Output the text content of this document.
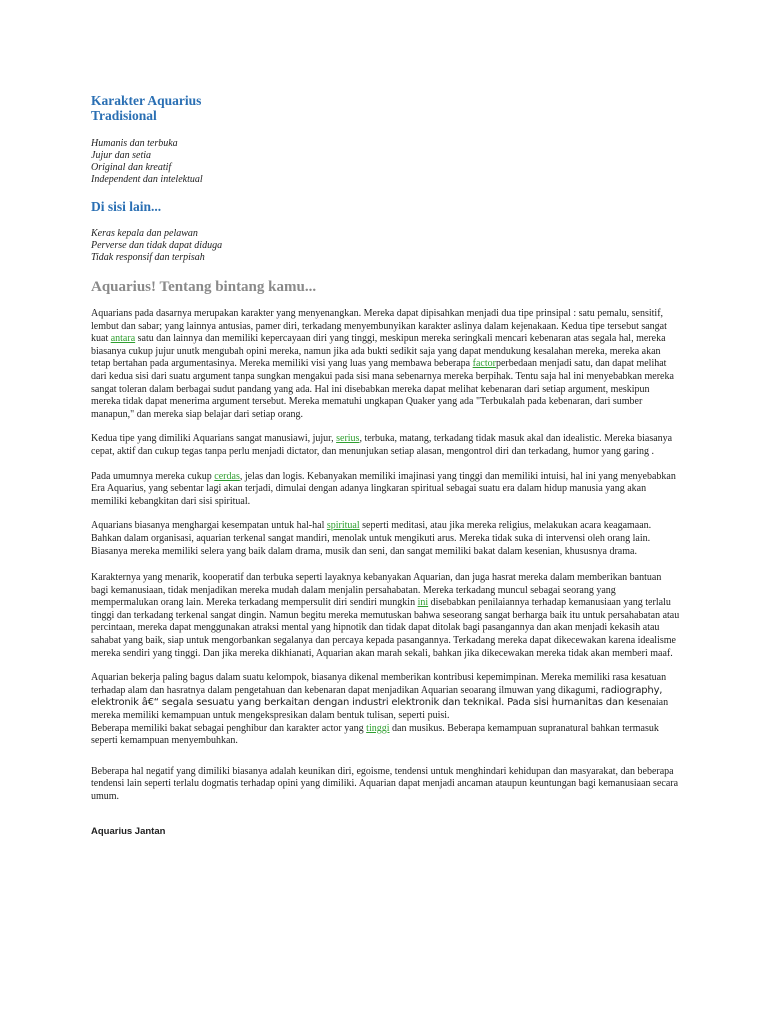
Karakter Aquarius
Tradisional
Humanis dan terbuka
Jujur dan setia
Original dan kreatif
Independent dan intelektual
Di sisi lain...
Keras kepala dan pelawan
Perverse dan tidak dapat diduga
Tidak responsif dan terpisah
Aquarius! Tentang bintang kamu...

Aquarians pada dasarnya merupakan karakter yang menyenangkan. Mereka dapat dipisahkan menjadi dua tipe prinsipal : satu pemalu, sensitif, lembut dan sabar; yang lainnya antusias, pamer diri, terkadang menyembunyikan karakter aslinya dalam kejenakaan. Kedua tipe tersebut sangat kuat antara satu dan lainnya dan memiliki kepercayaan diri yang tinggi, meskipun mereka seringkali mencari kebenaran atas segala hal, mereka biasanya cukup jujur unutk mengubah opini mereka, namun jika ada bukti sedikit saja yang dapat mendukung kesalahan mereka, mereka akan tetap bertahan pada argumentasinya. Mereka memiliki visi yang luas yang membawa beberapa factorperbedaan menjadi satu, dan dapat melihat dari kedua sisi dari suatu argument tanpa sungkan mengakui pada sisi mana sebenarnya mereka berpihak. Tentu saja hal ini menyebabkan mereka sangat toleran dalam berbagai sudut pandang yang ada. Hal ini disebabkan mereka dapat melihat kebenaran dari setiap argument, meskipun mereka tidak dapat menerima argument tersebut. Mereka mematuhi ungkapan Quaker yang ada "Terbukalah pada kebenaran, dari sumber manapun," dan mereka siap belajar dari setiap orang.

Kedua tipe yang dimiliki Aquarians sangat manusiawi, jujur, serius, terbuka, matang, terkadang tidak masuk akal dan idealistic. Mereka biasanya cepat, aktif dan cukup tegas tanpa perlu menjadi dictator, dan menunjukan setiap alasan, mengontrol diri dan terkadang, humor yang garing .

Pada umumnya mereka cukup cerdas, jelas dan logis. Kebanyakan memiliki imajinasi yang tinggi dan memiliki intuisi, hal ini yang menyebabkan Era Aquarius, yang sebentar lagi akan terjadi, dimulai dengan adanya lingkaran spiritual sebagai suatu era dalam hidup manusia yang akan memiliki kebangkitan dari sisi spiritual.

Aquarians biasanya menghargai kesempatan untuk hal-hal spiritual seperti meditasi, atau jika mereka religius, melakukan acara keagamaan. Bahkan dalam organisasi, aquarian terkenal sangat mandiri, menolak untuk mengikuti arus. Mereka tidak suka di intervensi oleh orang lain. Biasanya mereka memiliki selera yang baik dalam drama, musik dan seni, dan sangat memiliki bakat dalam kesenian, khususnya drama.

Karakternya yang menarik, kooperatif dan terbuka seperti layaknya kebanyakan Aquarian, dan juga hasrat mereka dalam memberikan bantuan bagi kemanusiaan, tidak menjadikan mereka mudah dalam menjalin persahabatan. Mereka terkadang muncul sebagai seorang yang mempermalukan orang lain. Mereka terkadang mempersulit diri sendiri mungkin ini disebabkan penilaiannya terhadap kemanusiaan yang terlalu tinggi dan terkadang terkenal sangat dingin. Namun begitu mereka memutuskan bahwa seseorang sangat berharga baik itu untuk persahabatan atau percintaan, mereka dapat menggunakan atraksi mental yang hipnotik dan tidak dapat ditolak bagi pasangannya dan akan menjadi kekasih atau sahabat yang baik, siap untuk mengorbankan segalanya dan percaya kepada pasangannya. Terkadang mereka dapat dikecewakan karena idealisme mereka sendiri yang tinggi. Dan jika mereka dikhianati, Aquarian akan marah sekali, bahkan jika dikecewakan mereka tidak akan memberi maaf.

Aquarian bekerja paling bagus dalam suatu kelompok, biasanya dikenal memberikan kontribusi kepemimpinan. Mereka memiliki rasa kesatuan terhadap alam dan hasratnya dalam pengetahuan dan kebenaran dapat menjadikan Aquarian seoarang ilmuwan yang dikagumi, radiography, elektronik â€“ segala sesuatu yang berkaitan dengan industri elektronik dan teknikal. Pada sisi humanitas dan kesenaian mereka memiliki kemampuan untuk mengekspresikan dalam bentuk tulisan, seperti puisi.
Beberapa memiliki bakat sebagai penghibur dan karakter actor yang tinggi dan musikus. Beberapa kemampuan supranatural bahkan termasuk seperti kemampuan menyembuhkan.

Beberapa hal negatif yang dimiliki biasanya adalah keunikan diri, egoisme, tendensi untuk menghindari kehidupan dan masyarakat, dan beberapa tendensi lain seperti terlalu dogmatis terhadap opini yang dimiliki. Aquarian dapat menjadi ancaman ataupun keuntungan bagi kemanusiaan secara umum.

Aquarius Jantan
